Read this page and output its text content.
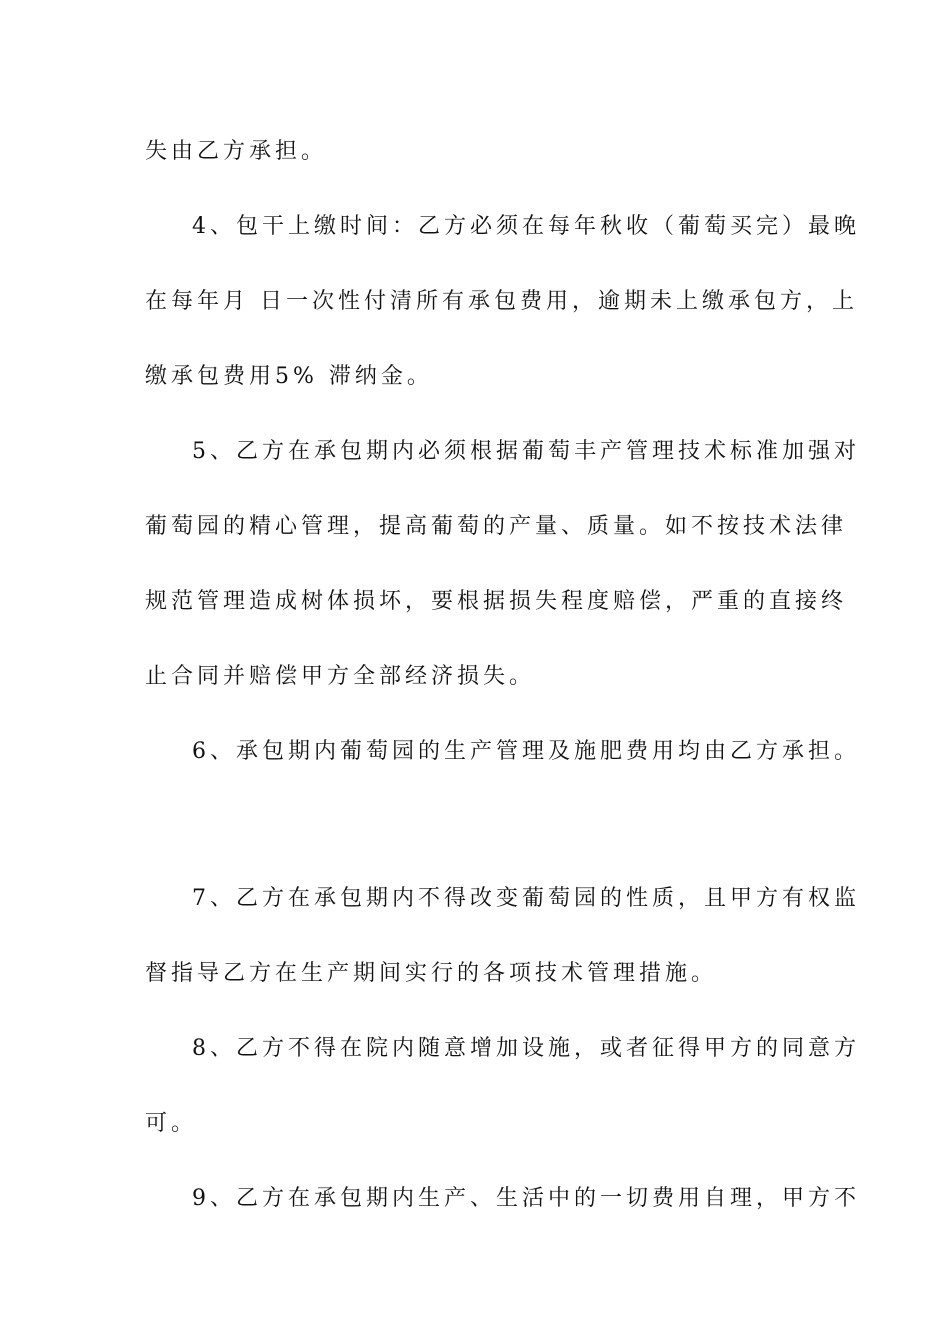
失由乙方承担。
4、包干上缴时间：乙方必须在每年秋收（葡萄买完）最晚
在每年月 日一次性付清所有承包费用，逾期未上缴承包方，上
缴承包费用5% 滞纳金。
5、乙方在承包期内必须根据葡萄丰产管理技术标准加强对
葡萄园的精心管理，提高葡萄的产量、质量。如不按技术法律
规范管理造成树体损坏，要根据损失程度赔偿，严重的直接终
止合同并赔偿甲方全部经济损失。
6、承包期内葡萄园的生产管理及施肥费用均由乙方承担。
7、乙方在承包期内不得改变葡萄园的性质，且甲方有权监
督指导乙方在生产期间实行的各项技术管理措施。
8、乙方不得在院内随意增加设施，或者征得甲方的同意方
可。
9、乙方在承包期内生产、生活中的一切费用自理，甲方不
